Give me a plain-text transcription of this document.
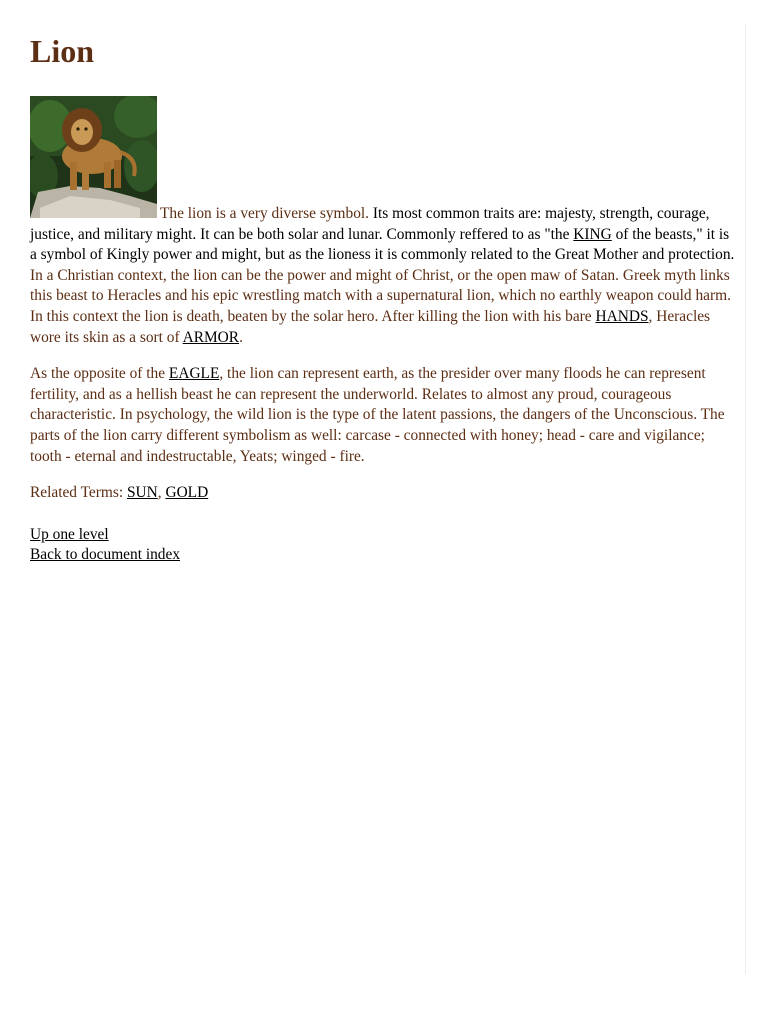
Lion

The lion is a very diverse symbol. Its most common traits are: majesty, strength, courage, justice, and military might. It can be both solar and lunar. Commonly reffered to as "the KING of the beasts," it is a symbol of Kingly power and might, but as the lioness it is commonly related to the Great Mother and protection. In a Christian context, the lion can be the power and might of Christ, or the open maw of Satan. Greek myth links this beast to Heracles and his epic wrestling match with a supernatural lion, which no earthly weapon could harm. In this context the lion is death, beaten by the solar hero. After killing the lion with his bare HANDS, Heracles wore its skin as a sort of ARMOR.

As the opposite of the EAGLE, the lion can represent earth, as the presider over many floods he can represent fertility, and as a hellish beast he can represent the underworld. Relates to almost any proud, courageous characteristic. In psychology, the wild lion is the type of the latent passions, the dangers of the Unconscious. The parts of the lion carry different symbolism as well: carcase - connected with honey; head - care and vigilance; tooth - eternal and indestructable, Yeats; winged - fire.

Related Terms: SUN, GOLD

Up one level
Back to document index
